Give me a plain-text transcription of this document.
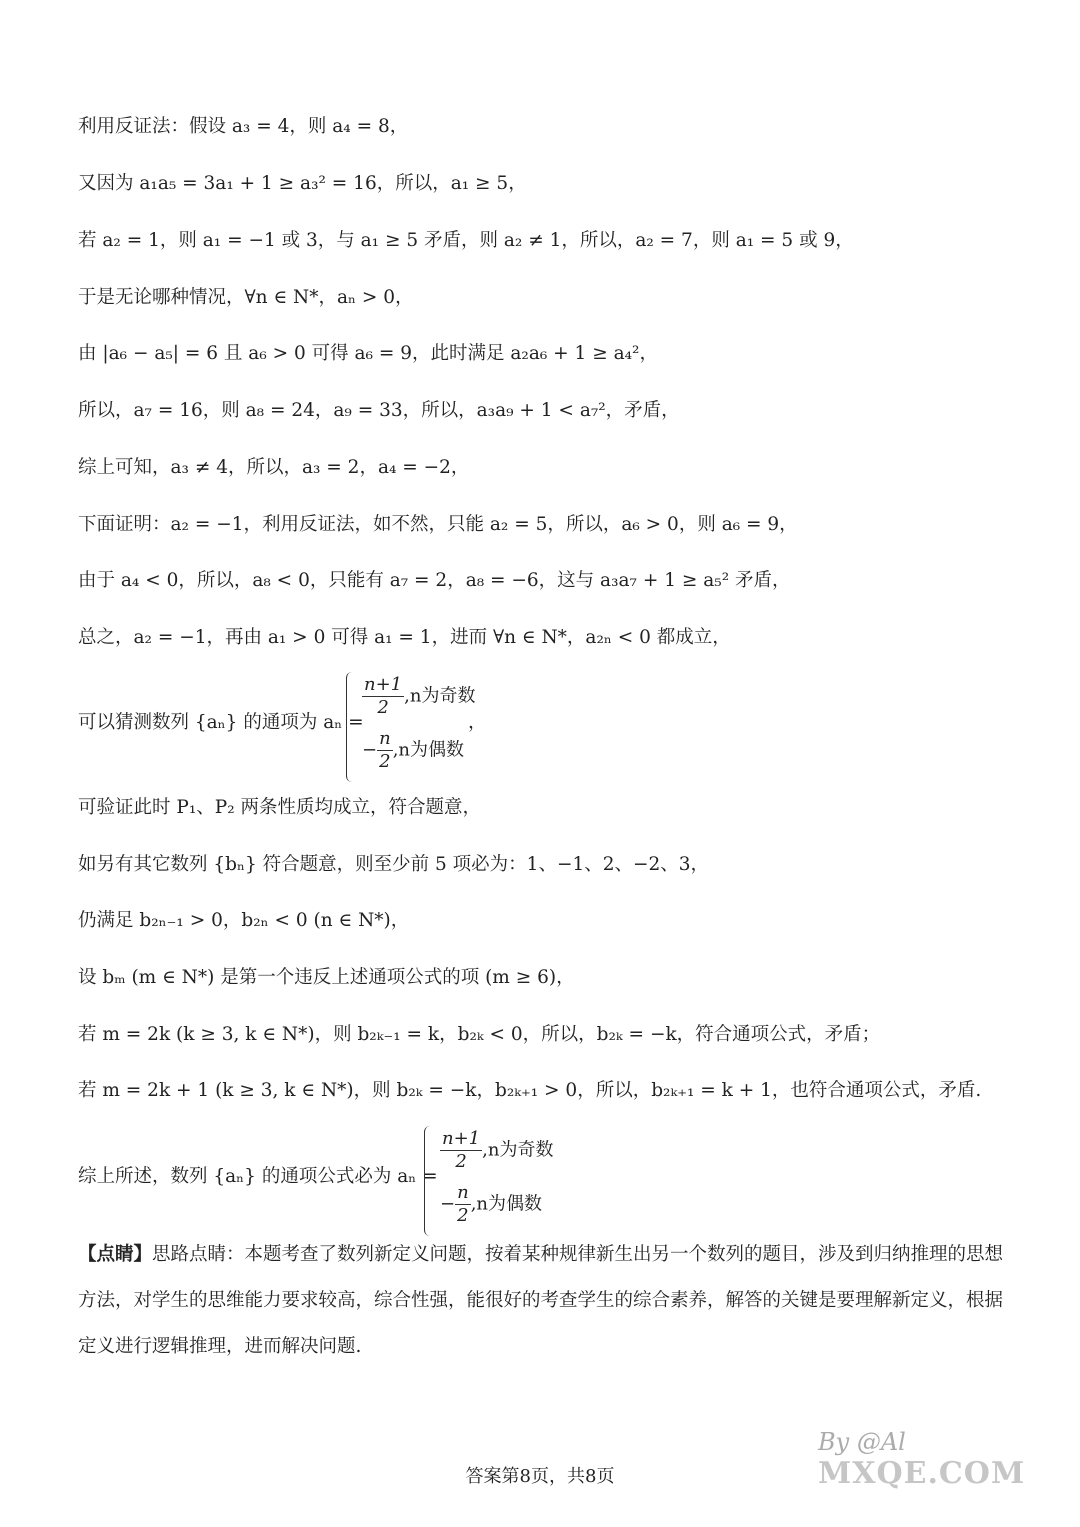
利用反证法：假设 a₃ = 4，则 a₄ = 8，
又因为 a₁a₅ = 3a₁ + 1 ≥ a₃² = 16，所以，a₁ ≥ 5，
若 a₂ = 1，则 a₁ = −1 或 3，与 a₁ ≥ 5 矛盾，则 a₂ ≠ 1，所以，a₂ = 7，则 a₁ = 5 或 9，
于是无论哪种情况，∀n ∈ N*，aₙ > 0，
由 |a₆ − a₅| = 6 且 a₆ > 0 可得 a₆ = 9，此时满足 a₂a₆ + 1 ≥ a₄²，
所以，a₇ = 16，则 a₈ = 24，a₉ = 33，所以，a₃a₉ + 1 < a₇²，矛盾，
综上可知，a₃ ≠ 4，所以，a₃ = 2，a₄ = −2，
下面证明：a₂ = −1，利用反证法，如不然，只能 a₂ = 5，所以，a₆ > 0，则 a₆ = 9，
由于 a₄ < 0，所以，a₈ < 0，只能有 a₇ = 2，a₈ = −6，这与 a₃a₇ + 1 ≥ a₅² 矛盾，
总之，a₂ = −1，再由 a₁ > 0 可得 a₁ = 1，进而 ∀n ∈ N*，a₂ₙ < 0 都成立，
可以猜测数列 {aₙ} 的通项为 aₙ =
$\frac{n+1}{2} ,n$为奇数
− $\frac{n}{2} ,n$为偶数
，
可验证此时 P₁、P₂ 两条性质均成立，符合题意，
如另有其它数列 {bₙ} 符合题意，则至少前 5 项必为：1、−1、2、−2、3，
仍满足 b₂ₙ₋₁ > 0，b₂ₙ < 0 (n ∈ N*)，
设 bₘ (m ∈ N*) 是第一个违反上述通项公式的项 (m ≥ 6)，
若 m = 2k (k ≥ 3, k ∈ N*)，则 b₂ₖ₋₁ = k，b₂ₖ < 0，所以，b₂ₖ = −k，符合通项公式，矛盾；
若 m = 2k + 1 (k ≥ 3, k ∈ N*)，则 b₂ₖ = −k，b₂ₖ₊₁ > 0，所以，b₂ₖ₊₁ = k + 1，也符合通项公式，矛盾.
综上所述，数列 {aₙ} 的通项公式必为 aₙ =
$\frac{n+1}{2} ,n$为奇数
− $\frac{n}{2} ,n$为偶数
【点睛】思路点睛：本题考查了数列新定义问题，按着某种规律新生出另一个数列的题目，涉及到归纳推理的思想方法，对学生的思维能力要求较高，综合性强，能很好的考查学生的综合素养，解答的关键是要理解新定义，根据定义进行逻辑推理，进而解决问题.
答案第8页，共8页
By @Al
MXQE.COM
